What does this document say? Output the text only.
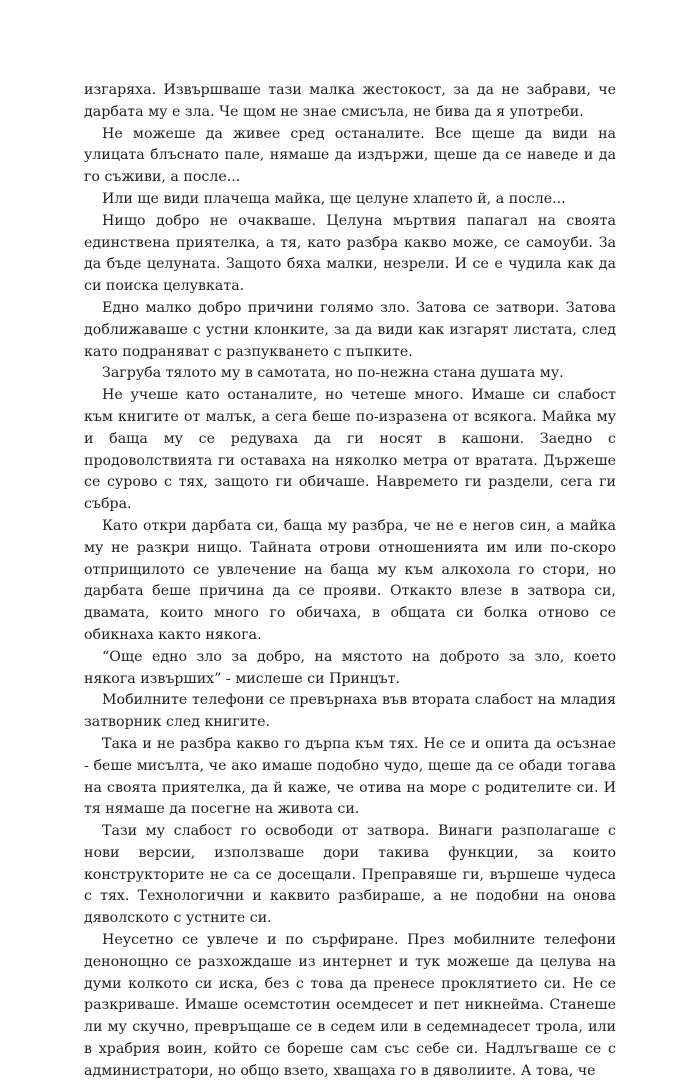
изгаряха. Извършваше тази малка жестокост, за да не забрави, че дарбата му е зла. Че щом не знае смисъла, не бива да я употреби.

Не можеше да живее сред останалите. Все щеше да види на улицата блъснато пале, нямаше да издържи, щеше да се наведе и да го съживи, а после...

Или ще види плачеща майка, ще целуне хлапето й, а после...

Нищо добро не очакваше. Целуна мъртвия папагал на своята единствена приятелка, а тя, като разбра какво може, се самоуби. За да бъде целуната. Защото бяха малки, незрели. И се е чудила как да си поиска целувката.

Едно малко добро причини голямо зло. Затова се затвори. Затова доближаваше с устни клонките, за да види как изгарят листата, след като подраняват с разпукването с пъпките.

Загруба тялото му в самотата, но по-нежна стана душата му.

Не учеше като останалите, но четеше много. Имаше си слабост към книгите от малък, а сега беше по-изразена от всякога. Майка му и баща му се редуваха да ги носят в кашони. Заедно с продоволствията ги оставаха на няколко метра от вратата. Държеше се сурово с тях, защото ги обичаше. Навремето ги раздели, сега ги събра.

Като откри дарбата си, баща му разбра, че не е негов син, а майка му не разкри нищо. Тайната отрови отношенията им или по-скоро отприщилото се увлечение на баща му към алкохола го стори, но дарбата беше причина да се прояви. Откакто влезе в затвора си, двамата, които много го обичаха, в общата си болка отново се обикнаха както някога.

“Още едно зло за добро, на мястото на доброто за зло, което някога извърших” - мислеше си Принцът.

Мобилните телефони се превърнаха във втората слабост на младия затворник след книгите.

Така и не разбра какво го дърпа към тях. Не се и опита да осъзнае - беше мисълта, че ако имаше подобно чудо, щеше да се обади тогава на своята приятелка, да й каже, че отива на море с родителите си. И тя нямаше да посегне на живота си.

Тази му слабост го освободи от затвора. Винаги разполагаше с нови версии, използваше дори такива функции, за които конструкторите не са се досещали. Преправяше ги, вършеше чудеса с тях. Технологични и каквито разбираше, а не подобни на онова дяволското с устните си.

Неусетно се увлече и по сърфиране. През мобилните телефони денонощно се разхождаше из интернет и тук можеше да целува на думи колкото си иска, без с това да пренесе проклятието си. Не се разкриваше. Имаше осемстотин осемдесет и пет никнейма. Станеше ли му скучно, превръщаше се в седем или в седемнадесет трола, или в храбрия воин, който се бореше сам със себе си. Надлъгваше се с администратори, но общо взето, хващаха го в дяволиите. А това, че
